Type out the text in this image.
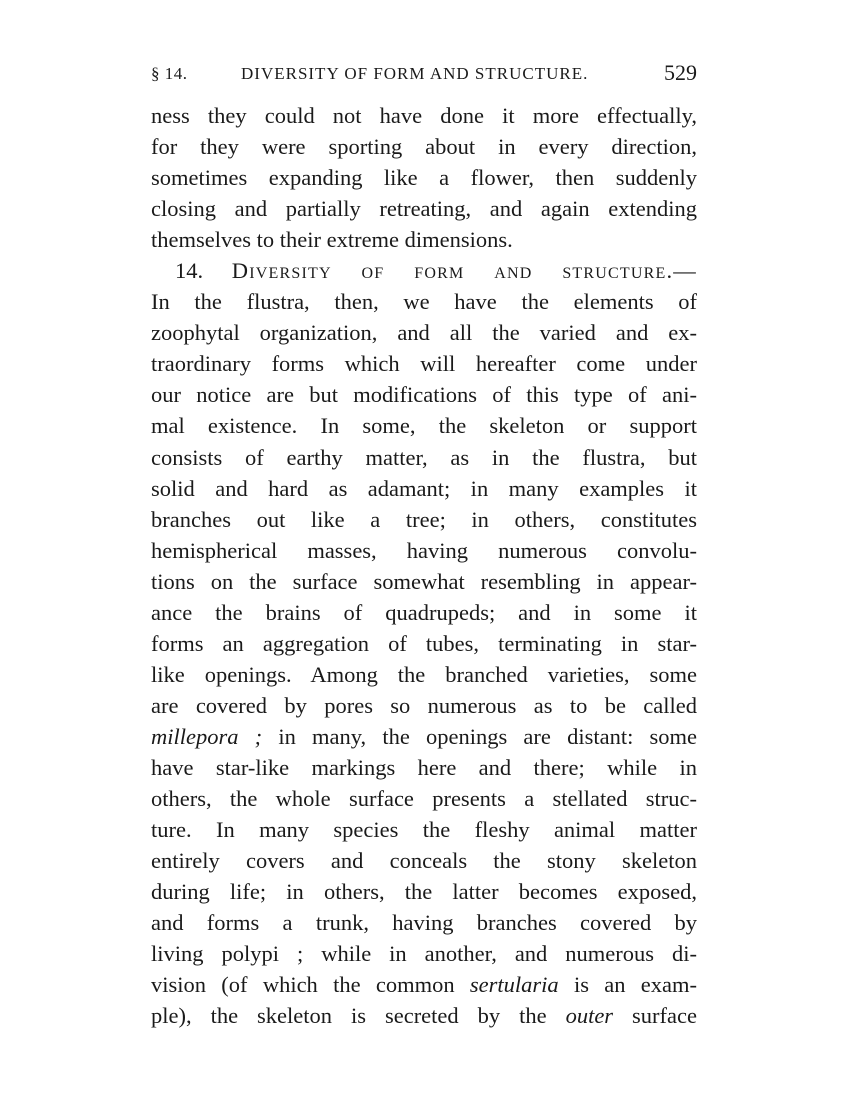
§ 14.	DIVERSITY OF FORM AND STRUCTURE.	529
ness they could not have done it more effectually,
for they were sporting about in every direction,
sometimes expanding like a flower, then suddenly
closing and partially retreating, and again extending
themselves to their extreme dimensions.
14. Diversity of form and structure.—
In the flustra, then, we have the elements of
zoophytal organization, and all the varied and ex-
traordinary forms which will hereafter come under
our notice are but modifications of this type of ani-
mal existence. In some, the skeleton or support
consists of earthy matter, as in the flustra, but
solid and hard as adamant; in many examples it
branches out like a tree; in others, constitutes
hemispherical masses, having numerous convolu-
tions on the surface somewhat resembling in appear-
ance the brains of quadrupeds; and in some it
forms an aggregation of tubes, terminating in star-
like openings. Among the branched varieties, some
are covered by pores so numerous as to be called
millepora ; in many, the openings are distant: some
have star-like markings here and there; while in
others, the whole surface presents a stellated struc-
ture. In many species the fleshy animal matter
entirely covers and conceals the stony skeleton
during life; in others, the latter becomes exposed,
and forms a trunk, having branches covered by
living polypi ; while in another, and numerous di-
vision (of which the common sertularia is an exam-
ple), the skeleton is secreted by the outer surface
